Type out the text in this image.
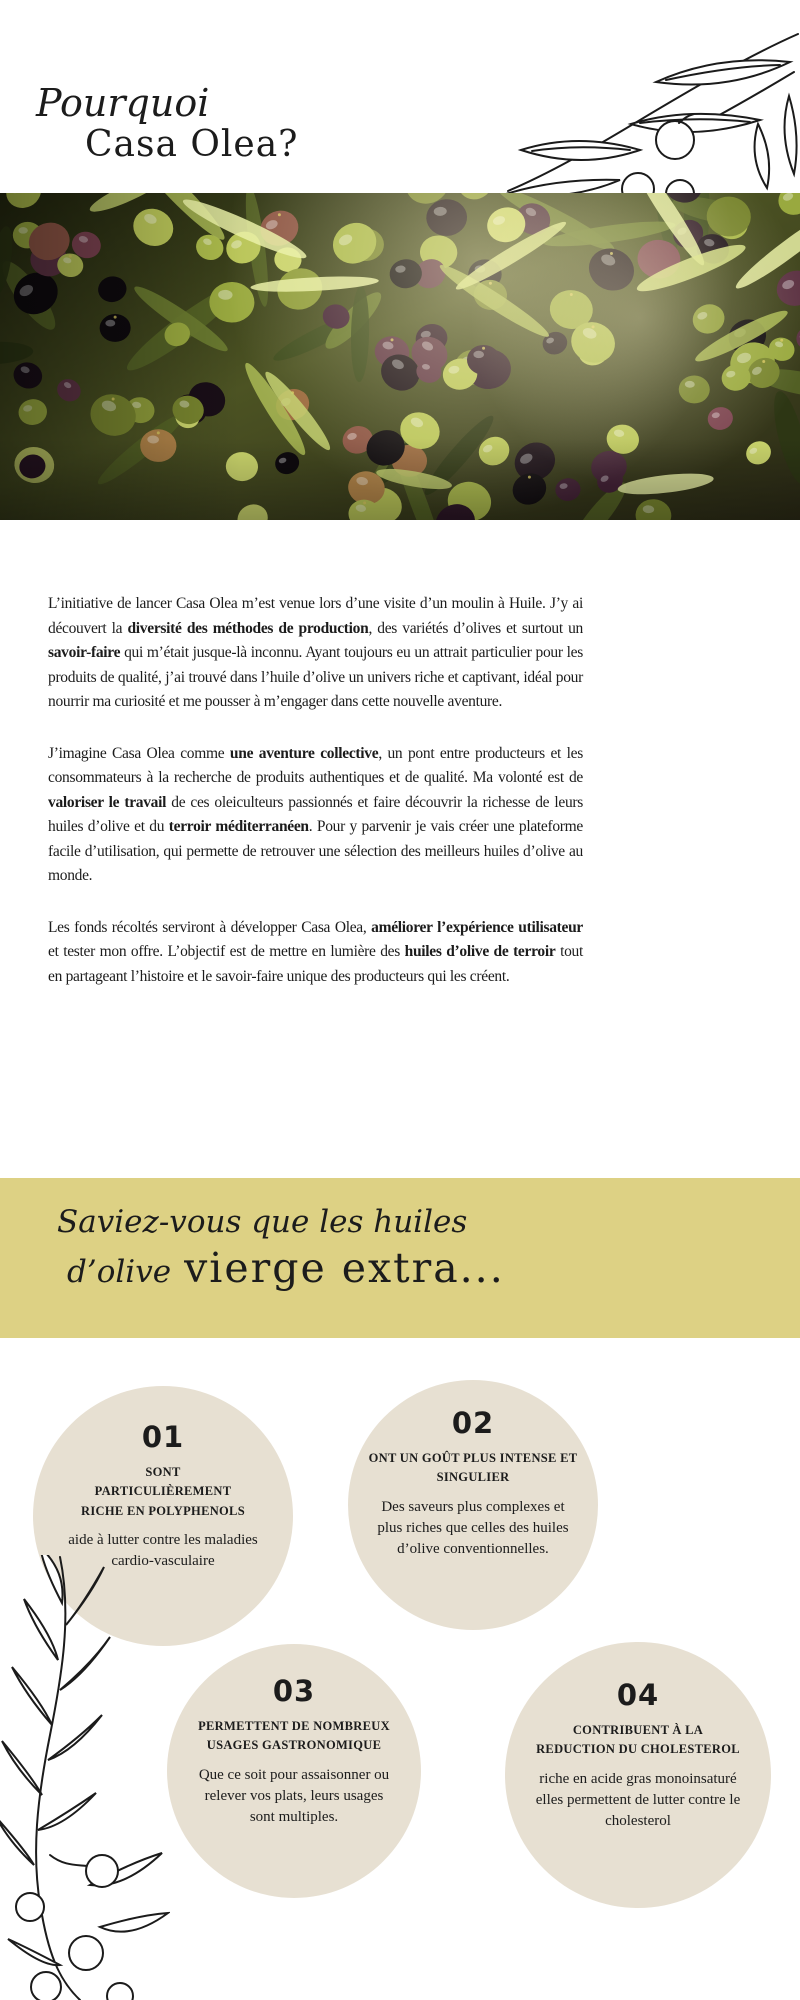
Pourquoi
Casa Olea?

L’initiative de lancer Casa Olea m’est venue lors d’une visite d’un moulin à Huile. J’y ai découvert la diversité des méthodes de production, des variétés d’olives et surtout un savoir-faire qui m’était jusque-là inconnu. Ayant toujours eu un attrait particulier pour les produits de qualité, j’ai trouvé dans l’huile d’olive un univers riche et captivant, idéal pour nourrir ma curiosité et me pousser à m’engager dans cette nouvelle aventure.

J’imagine Casa Olea comme une aventure collective, un pont entre producteurs et les consommateurs à la recherche de produits authentiques et de qualité. Ma volonté est de valoriser le travail de ces oleiculteurs passionnés et faire découvrir la richesse de leurs huiles d’olive et du terroir méditerranéen. Pour y parvenir je vais créer une plateforme facile d’utilisation, qui permette de retrouver une sélection des meilleurs huiles d’olive au monde.

Les fonds récoltés serviront à développer Casa Olea, améliorer l’expérience utilisateur et tester mon offre. L’objectif est de mettre en lumière des huiles d’olive de terroir tout en partageant l’histoire et le savoir-faire unique des producteurs qui les créent.

Saviez-vous que les huiles
d’olive vierge extra...
01
SONT PARTICULIÈREMENT RICHE EN POLYPHENOLS
aide à lutter contre les maladies cardio-vasculaire
02
ONT UN GOÛT PLUS INTENSE ET SINGULIER
Des saveurs plus complexes et plus riches que celles des huiles d’olive conventionnelles.
03
PERMETTENT DE NOMBREUX USAGES GASTRONOMIQUE
Que ce soit pour assaisonner ou relever vos plats, leurs usages sont multiples.
04
CONTRIBUENT À LA REDUCTION DU CHOLESTEROL
riche en acide gras monoinsaturé elles permettent de lutter contre le cholesterol
